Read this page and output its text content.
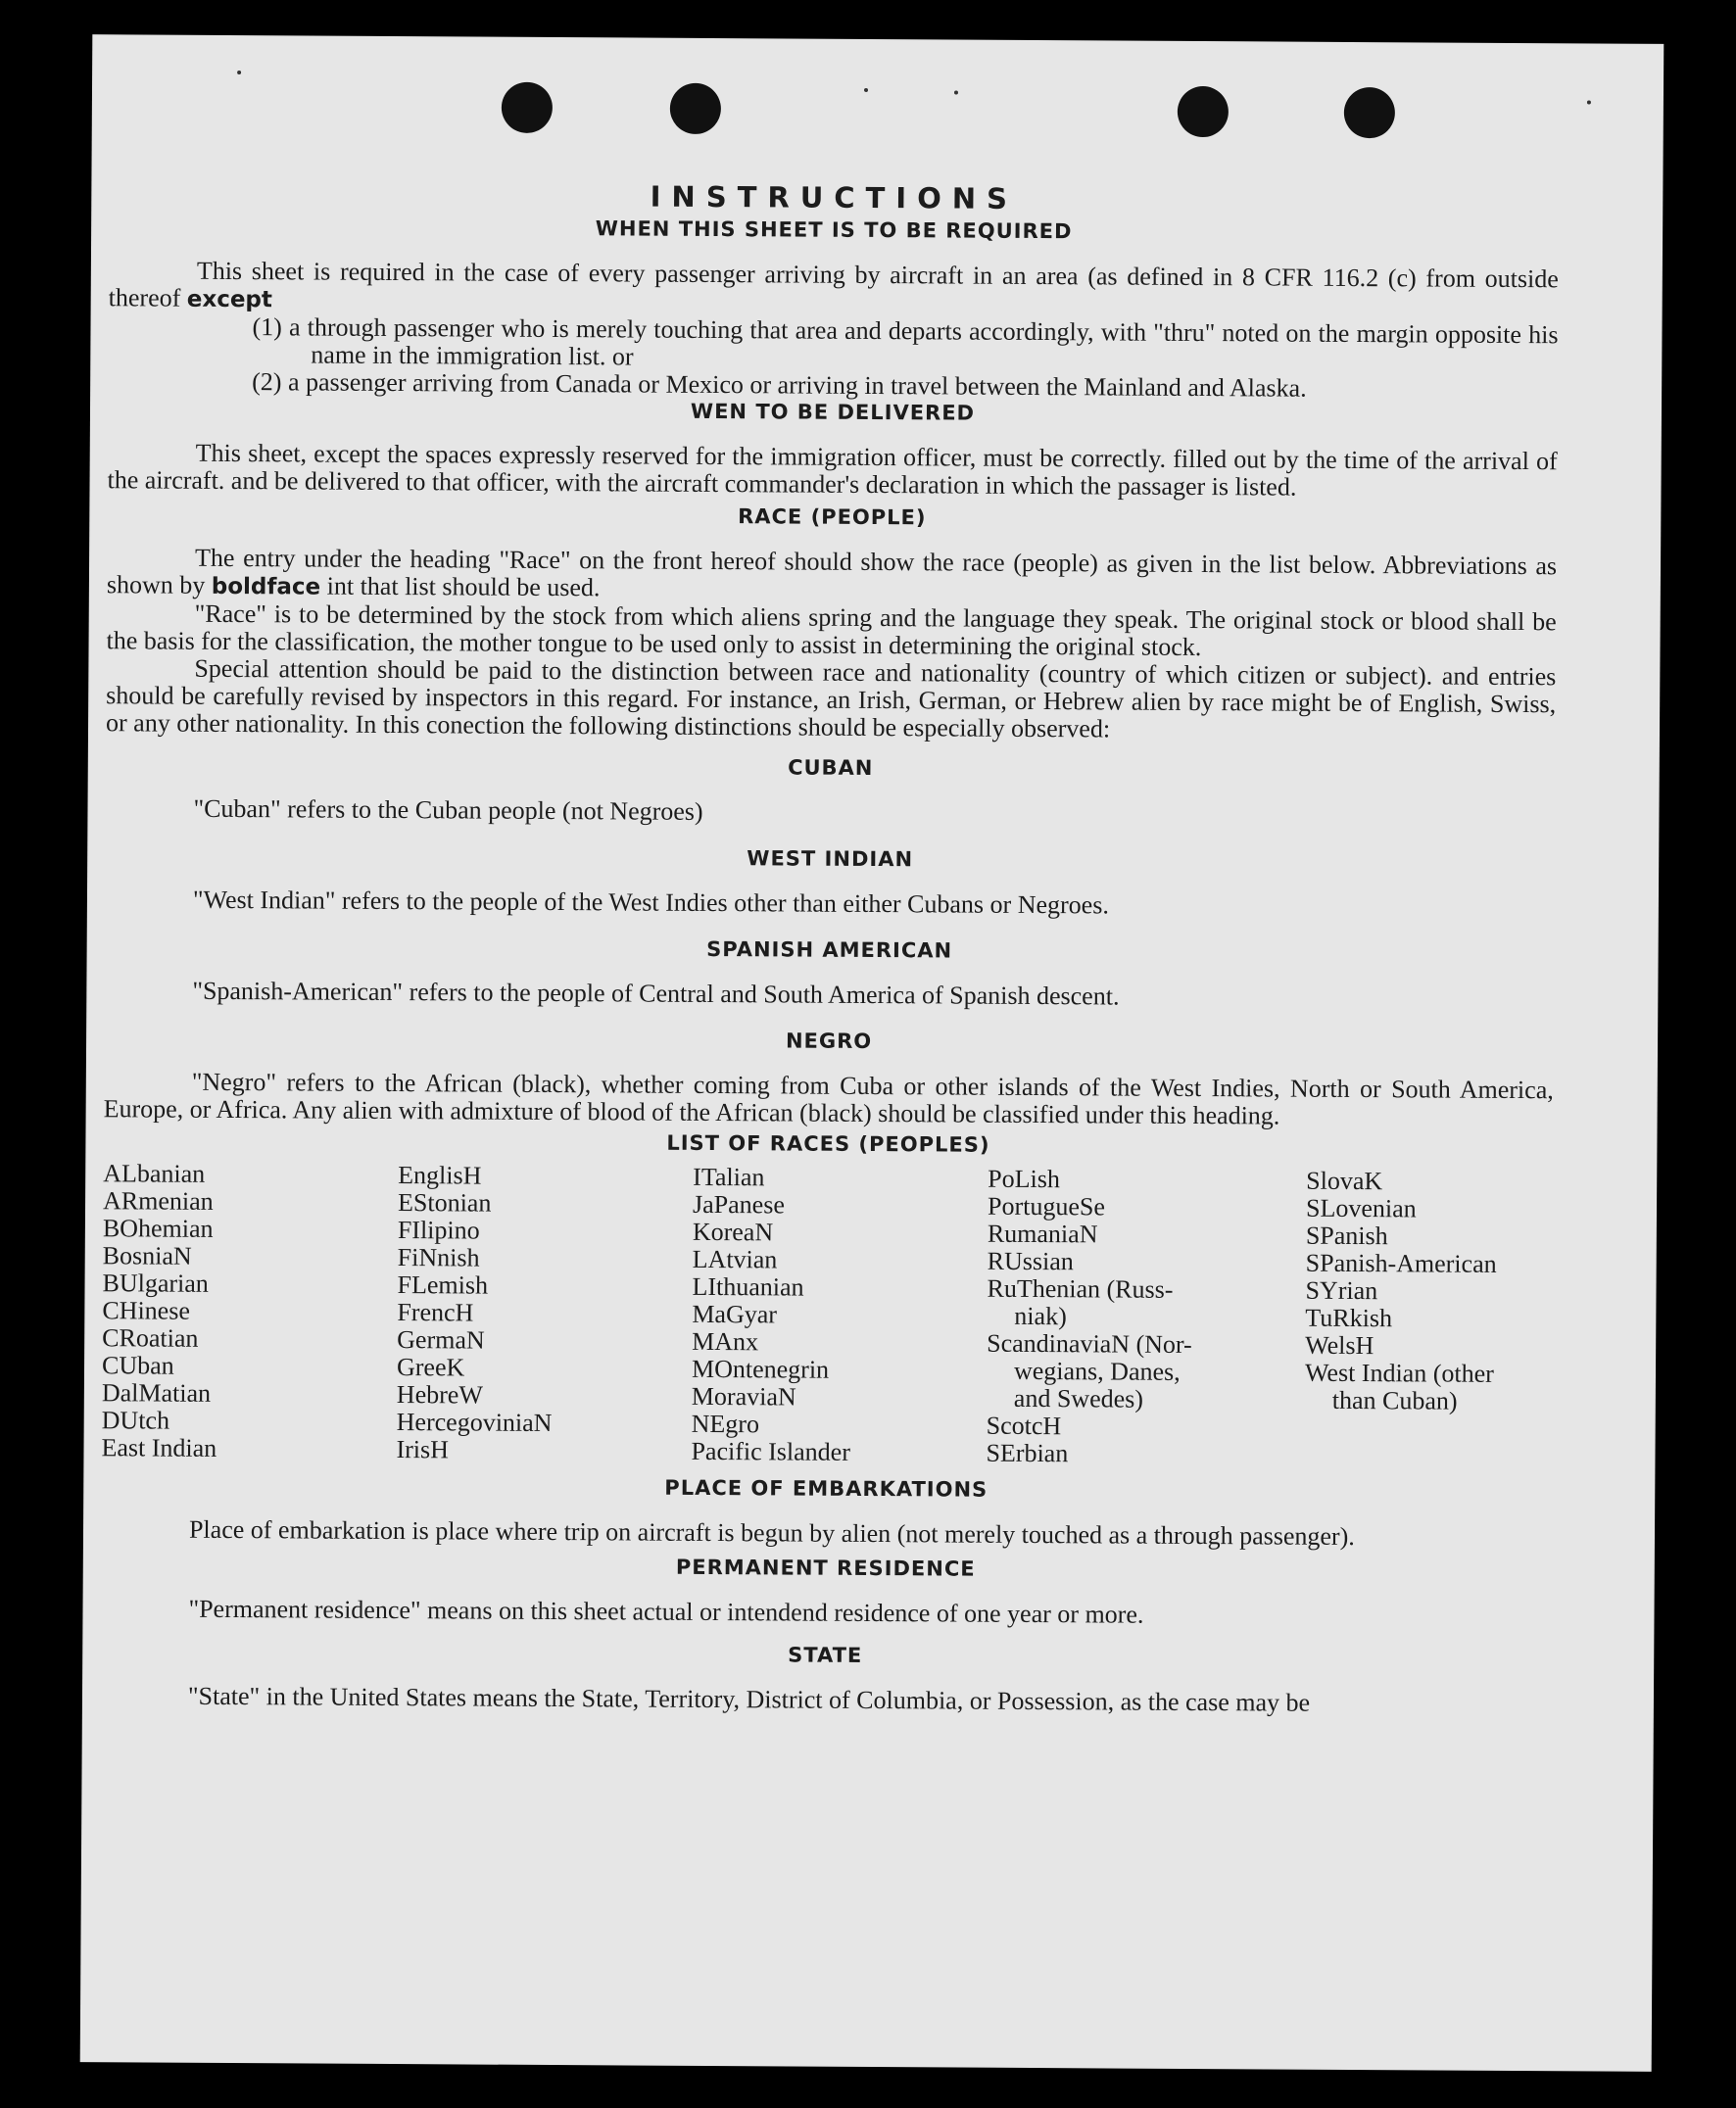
INSTRUCTIONS
WHEN THIS SHEET IS TO BE REQUIRED

This sheet is required in the case of every passenger arriving by aircraft in an area (as defined in 8 CFR 116.2 (c) from outside thereof except

(1) a through passenger who is merely touching that area and departs accordingly, with "thru" noted on the margin opposite his name in the immigration list. or

(2) a passenger arriving from Canada or Mexico or arriving in travel between the Mainland and Alaska.

WEN TO BE DELIVERED

This sheet, except the spaces expressly reserved for the immigration officer, must be correctly. filled out by the time of the arrival of the aircraft. and be delivered to that officer, with the aircraft commander's declaration in which the passager is listed.

RACE (PEOPLE)

The entry under the heading "Race" on the front hereof should show the race (people) as given in the list below. Abbreviations as shown by boldface int that list should be used.

"Race" is to be determined by the stock from which aliens spring and the language they speak. The original stock or blood shall be the basis for the classification, the mother tongue to be used only to assist in determining the original stock.

Special attention should be paid to the distinction between race and nationality (country of which citizen or subject). and entries should be carefully revised by inspectors in this regard. For instance, an Irish, German, or Hebrew alien by race might be of English, Swiss, or any other nationality. In this conection the following distinctions should be especially observed:

CUBAN

"Cuban" refers to the Cuban people (not Negroes)

WEST INDIAN

"West Indian" refers to the people of the West Indies other than either Cubans or Negroes.

SPANISH AMERICAN

"Spanish-American" refers to the people of Central and South America of Spanish descent.

NEGRO

"Negro" refers to the African (black), whether coming from Cuba or other islands of the West Indies, North or South America, Europe, or Africa. Any alien with admixture of blood of the African (black) should be classified under this heading.

LIST OF RACES (PEOPLES)
ALbanian
ARmenian
BOhemian
BosniaN
BUlgarian
CHinese
CRoatian
CUban
DalMatian
DUtch
East Indian
EnglisH
EStonian
FIlipino
FiNnish
FLemish
FrencH
GermaN
GreeK
HebreW
HercegoviniaN
IrisH
ITalian
JaPanese
KoreaN
LAtvian
LIthuanian
MaGyar
MAnx
MOntenegrin
MoraviaN
NEgro
Pacific Islander
PoLish
PortugueSe
RumaniaN
RUssian
RuThenian (Russ-
niak)
ScandinaviaN (Nor-
wegians, Danes,
and Swedes)
ScotcH
SErbian
SlovaK
SLovenian
SPanish
SPanish-American
SYrian
TuRkish
WelsH
West Indian (other
than Cuban)
PLACE OF EMBARKATIONS

Place of embarkation is place where trip on aircraft is begun by alien (not merely touched as a through passenger).

PERMANENT RESIDENCE

"Permanent residence" means on this sheet actual or intendend residence of one year or more.

STATE

"State" in the United States means the State, Territory, District of Columbia, or Possession, as the case may be
